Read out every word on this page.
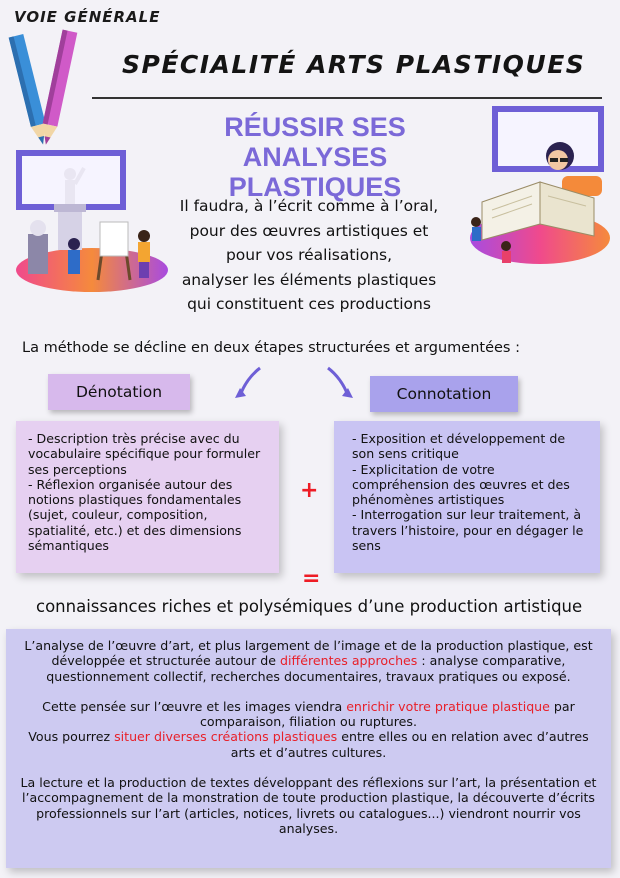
VOIE GÉNÉRALE
SPÉCIALITÉ ARTS PLASTIQUES
RÉUSSIR SES ANALYSES
PLASTIQUES
Il faudra, à l’écrit comme à l’oral,
pour des œuvres artistiques et
pour vos réalisations,
analyser les éléments plastiques
qui constituent ces productions
La méthode se décline en deux étapes structurées et argumentées :
Dénotation	Connotation

- Description très précise avec du vocabulaire spécifique pour formuler ses perceptions

- Réflexion organisée autour des notions plastiques fondamentales (sujet, couleur, composition, spatialité, etc.) et des dimensions sémantiques

+

- Exposition et développement de son sens critique

- Explicitation de votre compréhension des œuvres et des phénomènes artistiques

- Interrogation sur leur traitement, à travers l’histoire, pour en dégager le sens

=
connaissances riches et polysémiques d’une production artistique

L’analyse de l’œuvre d’art, et plus largement de l’image et de la production plastique, est développée et structurée autour de différentes approches : analyse comparative, questionnement collectif, recherches documentaires, travaux pratiques ou exposé.

Cette pensée sur l’œuvre et les images viendra enrichir votre pratique plastique par comparaison, filiation ou ruptures.

Vous pourrez situer diverses créations plastiques entre elles ou en relation avec d’autres arts et d’autres cultures.

La lecture et la production de textes développant des réflexions sur l’art, la présentation et l’accompagnement de la monstration de toute production plastique, la découverte d’écrits professionnels sur l’art (articles, notices, livrets ou catalogues...) viendront nourrir vos analyses.
